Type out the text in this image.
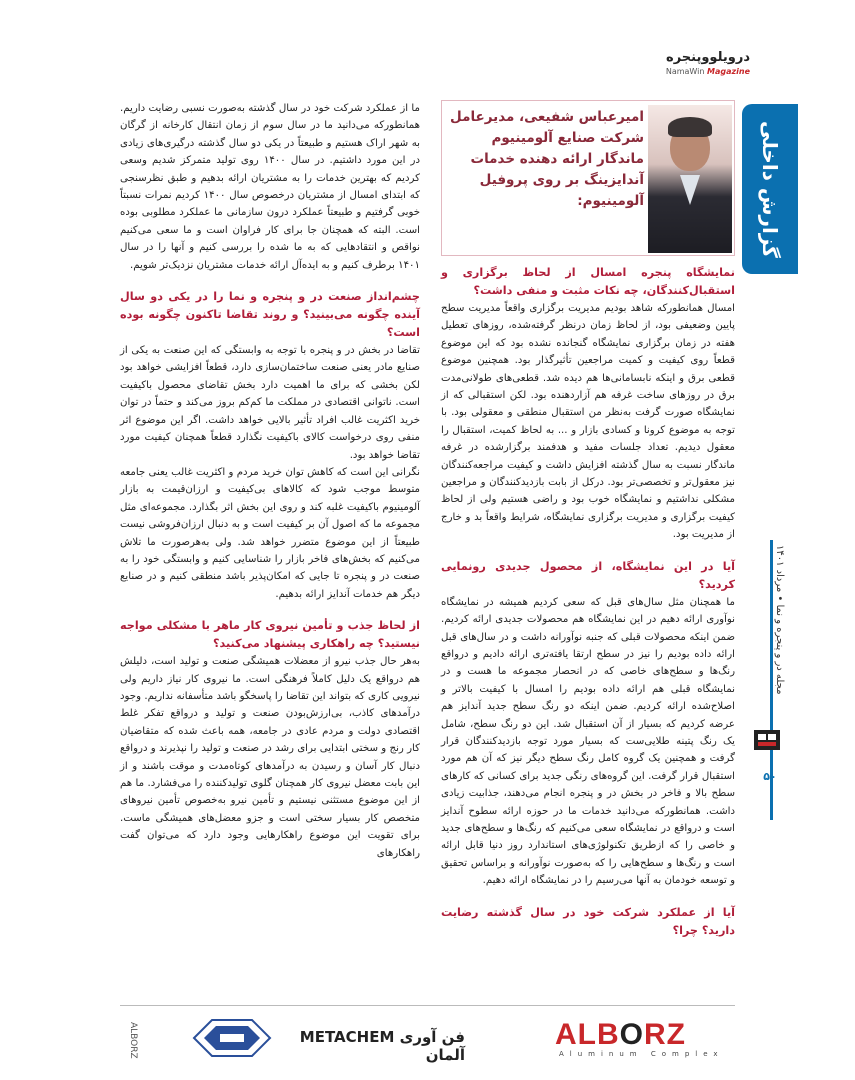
درویلووپنجره
NamaWin Magazine
گزارش داخلی
مجله در و پنجره و نما • مرداد ۱۴۰۱
۵۰
امیرعباس شفیعی، مدیرعامل شرکت صنایع آلومینیوم ماندگار ارائه دهنده خدمات آندایزینگ بر روی پروفیل آلومینیوم:

نمایشگاه پنجره امسال از لحاظ برگزاری و استقبال‌کنندگان، چه نکات مثبت و منفی داشت؟

امسال همانطورکه شاهد بودیم مدیریت برگزاری واقعاً مدیریت سطح پایین وضعیفی بود، از لحاظ زمان درنظر گرفته‌شده، روزهای تعطیل هفته در زمان برگزاری نمایشگاه گنجانده نشده بود که این موضوع قطعاً روی کیفیت و کمیت مراجعین تأثیرگذار بود. همچنین موضوع قطعی برق و اینکه نابسامانی‌ها هم دیده شد. قطعی‌های طولانی‌مدت برق در روزهای ساخت غرفه هم آزاردهنده بود. لکن استقبالی که از نمایشگاه صورت گرفت به‌نظر من استقبال منطقی و معقولی بود. با توجه به موضوع کرونا و کسادی بازار و ... به لحاظ کمیت، استقبال را معقول دیدیم. تعداد جلسات مفید و هدفمند برگزارشده در غرفه ماندگار نسبت به سال گذشته افزایش داشت و کیفیت مراجعه‌کنندگان نیز معقول‌تر و تخصصی‌تر بود. درکل از بابت بازدیدکنندگان و مراجعین مشکلی نداشتیم و نمایشگاه خوب بود و راضی هستیم ولی از لحاظ کیفیت برگزاری و مدیریت برگزاری نمایشگاه، شرایط واقعاً بد و خارج از مدیریت بود.

آیا در این نمایشگاه، از محصول جدیدی رونمایی کردید؟

ما همچنان مثل سال‌های قبل که سعی کردیم همیشه در نمایشگاه نوآوری ارائه دهیم در این نمایشگاه هم محصولات جدیدی ارائه کردیم. ضمن اینکه محصولات قبلی که جنبه نوآورانه داشت و در سال‌های قبل ارائه داده بودیم را نیز در سطح ارتقا یافته‌تری ارائه دادیم و درواقع رنگ‌ها و سطح‌های خاصی که در انحصار مجموعه ما هست و در نمایشگاه قبلی هم ارائه داده بودیم را امسال با کیفیت بالاتر و اصلاح‌شده ارائه کردیم. ضمن اینکه دو رنگ سطح جدید آندایز هم عرضه کردیم که بسیار از آن استقبال شد. این دو رنگ سطح، شامل یک رنگ پتینه طلایی‌ست که بسیار مورد توجه بازدیدکنندگان قرار گرفت و همچنین یک گروه کامل رنگ سطح دیگر نیز که آن هم مورد استقبال قرار گرفت. این گروه‌های رنگی جدید برای کسانی که کارهای سطح بالا و فاخر در بخش در و پنجره انجام می‌دهند، جذابیت زیادی داشت. همانطورکه می‌دانید خدمات ما در حوزه ارائه سطوح آندایز است و درواقع در نمایشگاه سعی می‌کنیم که رنگ‌ها و سطح‌های جدید و خاصی را که ازطریق تکنولوژی‌های استاندارد روز دنیا قابل ارائه است و رنگ‌ها و سطح‌هایی را که به‌صورت نوآورانه و براساس تحقیق و توسعه خودمان به آنها می‌رسیم را در نمایشگاه ارائه دهیم.

آیا از عملکرد شرکت خود در سال گذشته رضایت دارید؟ چرا؟

ما از عملکرد شرکت خود در سال گذشته به‌صورت نسبی رضایت داریم. همانطورکه می‌دانید ما در سال سوم از زمان انتقال کارخانه از گرگان به شهر اراک هستیم و طبیعتاً در یکی دو سال گذشته درگیری‌های زیادی در این مورد داشتیم. در سال ۱۴۰۰ روی تولید متمرکز شدیم وسعی کردیم که بهترین خدمات را به مشتریان ارائه بدهیم و طبق نظرسنجی که ابتدای امسال از مشتریان درخصوص سال ۱۴۰۰ کردیم نمرات نسبتاً خوبی گرفتیم و طبیعتاً عملکرد درون سازمانی ما عملکرد مطلوبی بوده است. البته که همچنان جا برای کار فراوان است و ما سعی می‌کنیم نواقص و انتقادهایی که به ما شده را بررسی کنیم و آنها را در سال ۱۴۰۱ برطرف کنیم و به ایده‌آل ارائه خدمات مشتریان نزدیک‌تر شویم.

چشم‌انداز صنعت در و پنجره و نما را در یکی دو سال آینده چگونه می‌بینید؟ و روند تقاضا تاکنون چگونه بوده است؟

تقاضا در بخش در و پنجره با توجه به وابستگی که این صنعت به یکی از صنایع مادر یعنی صنعت ساختمان‌سازی دارد، قطعاً افزایشی خواهد بود لکن بخشی که برای ما اهمیت دارد بخش تقاضای محصول باکیفیت است. ناتوانی اقتصادی در مملکت ما کم‌کم بروز می‌کند و حتماً در توان خرید اکثریت غالب افراد تأثیر بالایی خواهد داشت. اگر این موضوع اثر منفی روی درخواست کالای باکیفیت نگذارد قطعاً همچنان کیفیت مورد تقاضا خواهد بود.

نگرانی این است که کاهش توان خرید مردم و اکثریت غالب یعنی جامعه متوسط موجب شود که کالاهای بی‌کیفیت و ارزان‌قیمت به بازار آلومینیوم باکیفیت غلبه کند و روی این بخش اثر بگذارد. مجموعه‌ای مثل مجموعه ما که اصول آن بر کیفیت است و به دنبال ارزان‌فروشی نیست طبیعتاً از این موضوع متضرر خواهد شد. ولی به‌هرصورت ما تلاش می‌کنیم که بخش‌های فاخر بازار را شناسایی کنیم و وابستگی خود را به صنعت در و پنجره تا جایی که امکان‌پذیر باشد منطقی کنیم و در صنایع دیگر هم خدمات آندایز ارائه بدهیم.

از لحاظ جذب و تأمین نیروی کار ماهر با مشکلی مواجه نیستید؟ چه راهکاری پیشنهاد می‌کنید؟

به‌هر حال جذب نیرو از معضلات همیشگی صنعت و تولید است، دلیلش هم درواقع یک دلیل کاملاً فرهنگی است. ما نیروی کار نیاز داریم ولی نیرویی کاری که بتواند این تقاضا را پاسخگو باشد متأسفانه نداریم. وجود درآمدهای کاذب، بی‌ارزش‌بودن صنعت و تولید و درواقع تفکر غلط اقتصادی دولت و مردم عادی در جامعه، همه باعث شده که متقاضیان کار رنج و سختی ابتدایی برای رشد در صنعت و تولید را نپذیرند و درواقع دنبال کار آسان و رسیدن به درآمدهای کوتاه‌مدت و موقت باشند و از این بابت معضل نیروی کار همچنان گلوی تولیدکننده را می‌فشارد. ما هم از این موضوع مستثنی نیستیم و تأمین نیرو به‌خصوص تأمین نیروهای متخصص کار بسیار سختی است و جزو معضل‌های همیشگی ماست. برای تقویت این موضوع راهکارهایی وجود دارد که می‌توان گفت راهکارهای

ALBORZ
Aluminum Complex
فن آوری METACHEM آلمان
ALBORZ
